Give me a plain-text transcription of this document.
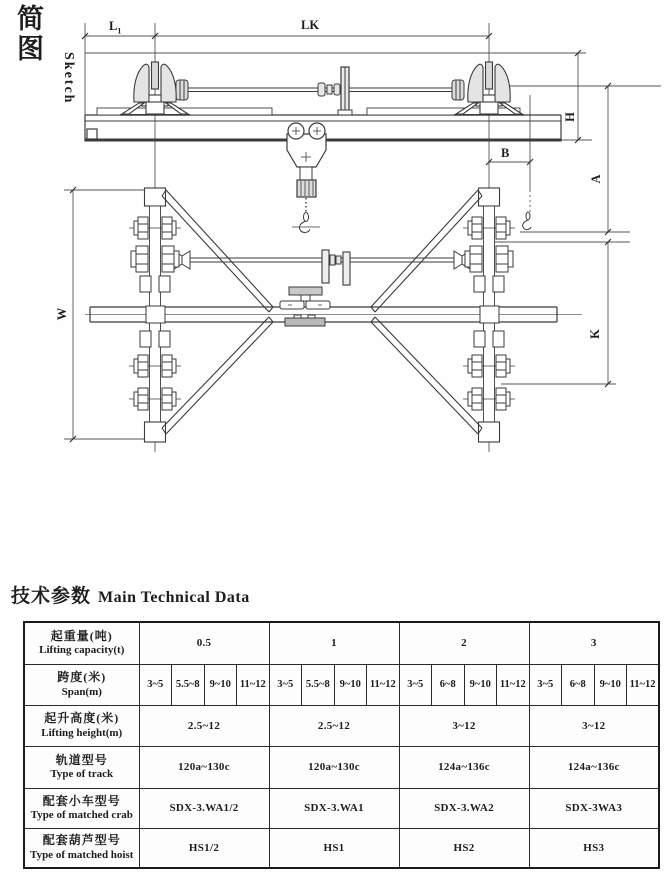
简图
Sketch
$L_1$	LK
H
B
A
K
W
技术参数 Main Technical Data
起重量(吨)
Lifting capacity(t)	0.5				1				2				3			

跨度(米)
Span(m)	3~5	5.5~8	9~10	11~12	3~5	5.5~8	9~10	11~12	3~5	6~8	9~10	11~12	3~5	6~8	9~10	11~12

起升高度(米)
Lifting height(m)	2.5~12				2.5~12				3~12				3~12			

轨道型号
Type of track	120a~130c				120a~130c				124a~136c				124a~136c			

配套小车型号
Type of matched crab	SDX-3.WA1/2				SDX-3.WA1				SDX-3.WA2				SDX-3WA3			

配套葫芦型号
Type of matched hoist	HS1/2				HS1				HS2				HS3			
